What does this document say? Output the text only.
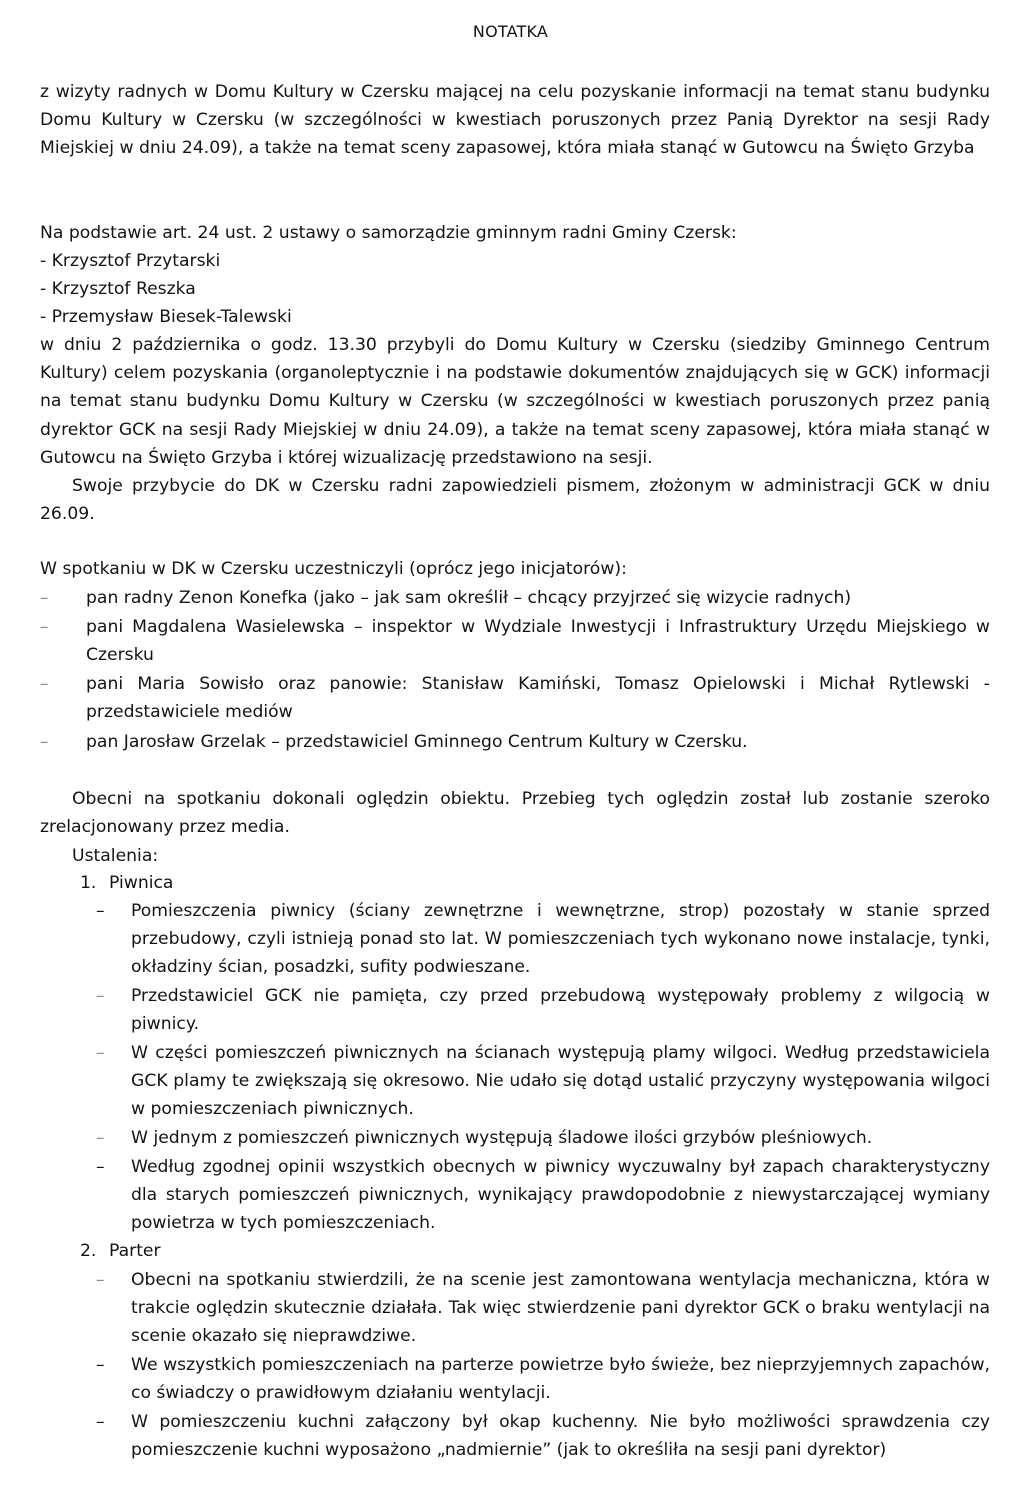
NOTATKA
z wizyty radnych w Domu Kultury w Czersku mającej na celu pozyskanie informacji na temat stanu budynku Domu Kultury w Czersku (w szczególności w kwestiach poruszonych przez Panią Dyrektor na sesji Rady Miejskiej w dniu 24.09), a także na temat sceny zapasowej, która miała stanąć w Gutowcu na Święto Grzyba
Na podstawie art. 24 ust. 2 ustawy o samorządzie gminnym radni Gminy Czersk:
- Krzysztof Przytarski
- Krzysztof Reszka
- Przemysław Biesek-Talewski
w dniu 2 października o godz. 13.30 przybyli do Domu Kultury w Czersku (siedziby Gminnego Centrum Kultury) celem pozyskania (organoleptycznie i na podstawie dokumentów znajdujących się w GCK) informacji na temat stanu budynku Domu Kultury w Czersku (w szczególności w kwestiach poruszonych przez panią dyrektor GCK na sesji Rady Miejskiej w dniu 24.09), a także na temat sceny zapasowej, która miała stanąć w Gutowcu na Święto Grzyba i której wizualizację przedstawiono na sesji.
Swoje przybycie do DK w Czersku radni zapowiedzieli pismem, złożonym w administracji GCK w dniu 26.09.
W spotkaniu w DK w Czersku uczestniczyli (oprócz jego inicjatorów):
– pan radny Zenon Konefka (jako – jak sam określił – chcący przyjrzeć się wizycie radnych)
– pani Magdalena Wasielewska – inspektor w Wydziale Inwestycji i Infrastruktury Urzędu Miejskiego w Czersku
– pani Maria Sowisło oraz panowie: Stanisław Kamiński, Tomasz Opielowski i Michał Rytlewski - przedstawiciele mediów
– pan Jarosław Grzelak – przedstawiciel Gminnego Centrum Kultury w Czersku.
Obecni na spotkaniu dokonali oględzin obiektu. Przebieg tych oględzin został lub zostanie szeroko zrelacjonowany przez media.
Ustalenia:
1. Piwnica
– Pomieszczenia piwnicy (ściany zewnętrzne i wewnętrzne, strop) pozostały w stanie sprzed przebudowy, czyli istnieją ponad sto lat. W pomieszczeniach tych wykonano nowe instalacje, tynki, okładziny ścian, posadzki, sufity podwieszane.
– Przedstawiciel GCK nie pamięta, czy przed przebudową występowały problemy z wilgocią w piwnicy.
– W części pomieszczeń piwnicznych na ścianach występują plamy wilgoci. Według przedstawiciela GCK plamy te zwiększają się okresowo. Nie udało się dotąd ustalić przyczyny występowania wilgoci w pomieszczeniach piwnicznych.
– W jednym z pomieszczeń piwnicznych występują śladowe ilości grzybów pleśniowych.
– Według zgodnej opinii wszystkich obecnych w piwnicy wyczuwalny był zapach charakterystyczny dla starych pomieszczeń piwnicznych, wynikający prawdopodobnie z niewystarczającej wymiany powietrza w tych pomieszczeniach.
2. Parter
– Obecni na spotkaniu stwierdzili, że na scenie jest zamontowana wentylacja mechaniczna, która w trakcie oględzin skutecznie działała. Tak więc stwierdzenie pani dyrektor GCK o braku wentylacji na scenie okazało się nieprawdziwe.
– We wszystkich pomieszczeniach na parterze powietrze było świeże, bez nieprzyjemnych zapachów, co świadczy o prawidłowym działaniu wentylacji.
– W pomieszczeniu kuchni załączony był okap kuchenny. Nie było możliwości sprawdzenia czy pomieszczenie kuchni wyposażono „nadmiernie” (jak to określiła na sesji pani dyrektor)
